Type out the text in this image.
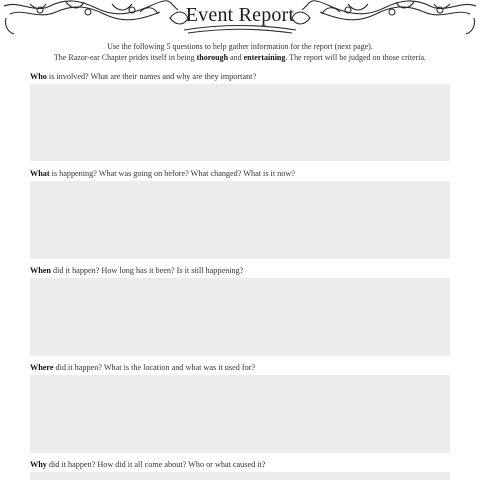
Event Report
Use the following 5 questions to help gather information for the report (next page).
The Razor-ear Chapter prides itself in being thorough and entertaining. The report will be judged on those criteria.
Who is involved? What are their names and why are they important?
What is happening? What was going on before? What changed? What is it now?
When did it happen? How long has it been? Is it still happening?
Where did it happen? What is the location and what was it used for?
Why did it happen? How did it all come about? Who or what caused it?
